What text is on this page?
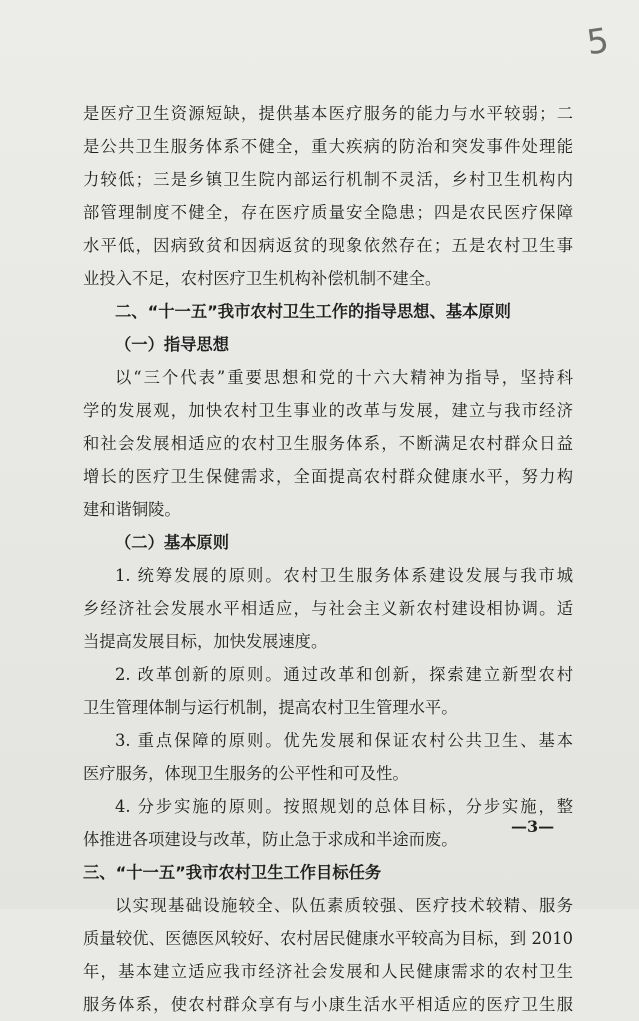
5
是医疗卫生资源短缺，提供基本医疗服务的能力与水平较弱；二
是公共卫生服务体系不健全，重大疾病的防治和突发事件处理能
力较低；三是乡镇卫生院内部运行机制不灵活，乡村卫生机构内
部管理制度不健全，存在医疗质量安全隐患；四是农民医疗保障
水平低，因病致贫和因病返贫的现象依然存在；五是农村卫生事
业投入不足，农村医疗卫生机构补偿机制不建全。
二、“十一五”我市农村卫生工作的指导思想、基本原则
（一）指导思想
以“三个代表”重要思想和党的十六大精神为指导，坚持科
学的发展观，加快农村卫生事业的改革与发展，建立与我市经济
和社会发展相适应的农村卫生服务体系，不断满足农村群众日益
增长的医疗卫生保健需求，全面提高农村群众健康水平，努力构
建和谐铜陵。
（二）基本原则
1. 统筹发展的原则。农村卫生服务体系建设发展与我市城
乡经济社会发展水平相适应，与社会主义新农村建设相协调。适
当提高发展目标，加快发展速度。
2. 改革创新的原则。通过改革和创新，探索建立新型农村
卫生管理体制与运行机制，提高农村卫生管理水平。
3. 重点保障的原则。优先发展和保证农村公共卫生、基本
医疗服务，体现卫生服务的公平性和可及性。
4. 分步实施的原则。按照规划的总体目标，分步实施，整
体推进各项建设与改革，防止急于求成和半途而废。
三、“十一五”我市农村卫生工作目标任务
以实现基础设施较全、队伍素质较强、医疗技术较精、服务
质量较优、医德医风较好、农村居民健康水平较高为目标，到 2010
年，基本建立适应我市经济社会发展和人民健康需求的农村卫生
服务体系，使农村群众享有与小康生活水平相适应的医疗卫生服
—3—
